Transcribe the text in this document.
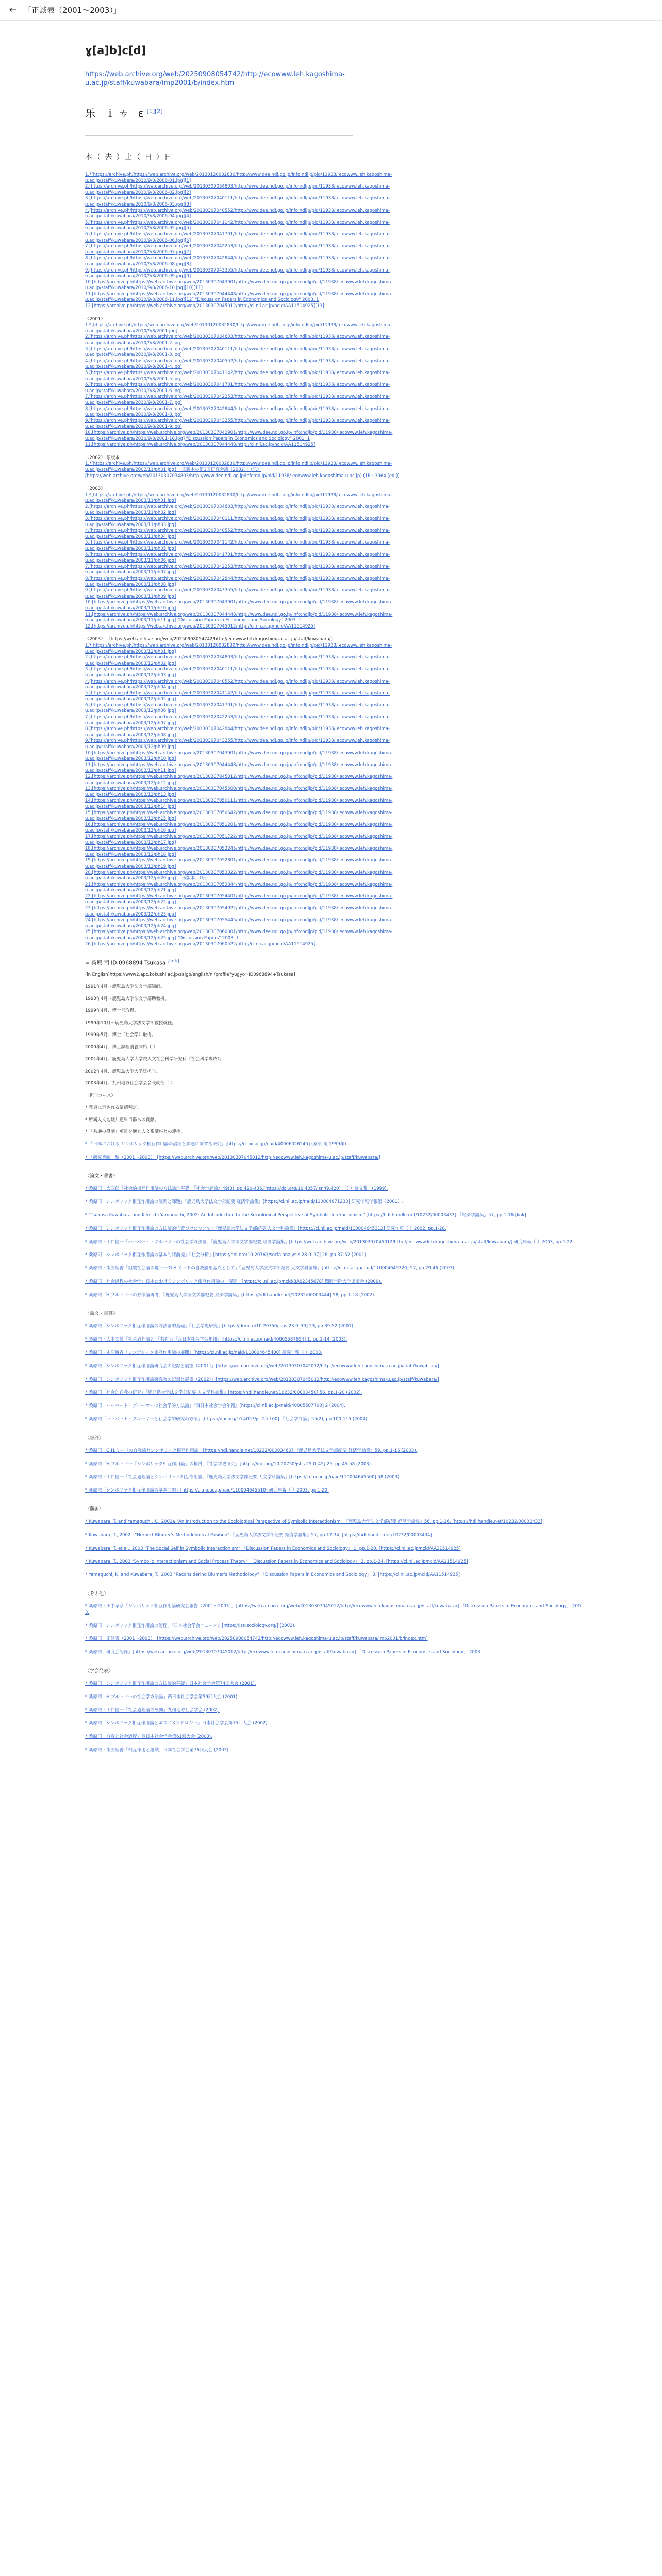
← 「正談表（2001〜2003）」
ɣ[a]b]c[d]
https://web.archive.org/web/20250908054742/http://ecowww.leh.kagoshima-
u.ac.jp/staff/kuwabara/imp2001/b/index.htm
乐 ｉㄘ ɛ[1][2]
本（ 去 ）土（ 日 ）日
1.*[https://archive.ph/https://web.archive.org/web/20130120032830/http://www.dee.ndl.go.jp/info:ndljp/pid/11938/ ecowww.leh.kagoshima-
u.ac.jp/staff/kuwabara/2010/9/8/2006-01.jpg][1]
2.[https://archive.ph/https://web.archive.org/web/20130307034803/http://www.dee.ndl.go.jp/info:ndljp/pid/11938/ ecowww.leh.kagoshima-
u.ac.jp/staff/kuwabara/2010/9/8/2006-02.jpg][2]
3.[https://archive.ph/https://web.archive.org/web/20130307040111/http://www.dee.ndl.go.jp/info:ndljp/pid/11938/ ecowww.leh.kagoshima-
u.ac.jp/staff/kuwabara/2010/9/8/2006-03.jpg][3]
4.[https://archive.ph/https://web.archive.org/web/20130307040552/http://www.dee.ndl.go.jp/info:ndljp/pid/11938/ ecowww.leh.kagoshima-
u.ac.jp/staff/kuwabara/2010/9/8/2006-04.jpg][4]
5.[https://archive.ph/https://web.archive.org/web/20130307041142/http://www.dee.ndl.go.jp/info:ndljp/pid/11938/ ecowww.leh.kagoshima-
u.ac.jp/staff/kuwabara/2010/9/8/2006-05.jpg][5]
6.[https://archive.ph/https://web.archive.org/web/20130307041701/http://www.dee.ndl.go.jp/info:ndljp/pid/11938/ ecowww.leh.kagoshima-
u.ac.jp/staff/kuwabara/2010/9/8/2006-06.jpg][6]
7.[https://archive.ph/https://web.archive.org/web/20130307042253/http://www.dee.ndl.go.jp/info:ndljp/pid/11938/ ecowww.leh.kagoshima-
u.ac.jp/staff/kuwabara/2010/9/8/2006-07.jpg][7]
8.[https://archive.ph/https://web.archive.org/web/20130307042844/http://www.dee.ndl.go.jp/info:ndljp/pid/11938/ ecowww.leh.kagoshima-
u.ac.jp/staff/kuwabara/2010/9/8/2006-08.jpg][8]
9.[https://archive.ph/https://web.archive.org/web/20130307043355/http://www.dee.ndl.go.jp/info:ndljp/pid/11938/ ecowww.leh.kagoshima-
u.ac.jp/staff/kuwabara/2010/9/8/2006-09.jpg][9]
10.[https://archive.ph/https://web.archive.org/web/20130307043901/http://www.dee.ndl.go.jp/info:ndljp/pid/11938/ ecowww.leh.kagoshima-
u.ac.jp/staff/kuwabara/2010/9/8/2006-10.jpg][10][11]
11.[https://archive.ph/https://web.archive.org/web/20130307044448/http://www.dee.ndl.go.jp/info:ndljp/pid/11938/ ecowww.leh.kagoshima-
u.ac.jp/staff/kuwabara/2010/9/8/2006-11.jpg][12] "Discussion Papers in Economics and Sociology" 2003. 1
12.[https://archive.ph/https://web.archive.org/web/20130307045012/http://ci.nii.ac.jp/ncid/AA11514925][13]
〈2001〉
1.*[https://archive.ph/https://web.archive.org/web/20130120032830/http://www.dee.ndl.go.jp/info:ndljp/pid/11938/ ecowww.leh.kagoshima-
u.ac.jp/staff/kuwabara/2010/9/8/2001.jpg]
2.[https://archive.ph/https://web.archive.org/web/20130307034803/http://www.dee.ndl.go.jp/info:ndljp/pid/11938/ ecowww.leh.kagoshima-
u.ac.jp/staff/kuwabara/2010/9/8/2001-2.jpg]
3.[https://archive.ph/https://web.archive.org/web/20130307040111/http://www.dee.ndl.go.jp/info:ndljp/pid/11938/ ecowww.leh.kagoshima-
u.ac.jp/staff/kuwabara/2010/9/8/2001-3.jpg]
4.[https://archive.ph/https://web.archive.org/web/20130307040552/http://www.dee.ndl.go.jp/info:ndljp/pid/11938/ ecowww.leh.kagoshima-
u.ac.jp/staff/kuwabara/2010/9/8/2001-4.jpg]
5.[https://archive.ph/https://web.archive.org/web/20130307041142/http://www.dee.ndl.go.jp/info:ndljp/pid/11938/ ecowww.leh.kagoshima-
u.ac.jp/staff/kuwabara/2010/9/8/2001-5.jpg]
6.[https://archive.ph/https://web.archive.org/web/20130307041701/http://www.dee.ndl.go.jp/info:ndljp/pid/11938/ ecowww.leh.kagoshima-
u.ac.jp/staff/kuwabara/2010/9/8/2001-6.jpg]
7.[https://archive.ph/https://web.archive.org/web/20130307042253/http://www.dee.ndl.go.jp/info:ndljp/pid/11938/ ecowww.leh.kagoshima-
u.ac.jp/staff/kuwabara/2010/9/8/2001-7.jpg]
8.[https://archive.ph/https://web.archive.org/web/20130307042844/http://www.dee.ndl.go.jp/info:ndljp/pid/11938/ ecowww.leh.kagoshima-
u.ac.jp/staff/kuwabara/2010/9/8/2001-8.jpg]
9.[https://archive.ph/https://web.archive.org/web/20130307043355/http://www.dee.ndl.go.jp/info:ndljp/pid/11938/ ecowww.leh.kagoshima-
u.ac.jp/staff/kuwabara/2010/9/8/2001-9.jpg]
10.[https://archive.ph/https://web.archive.org/web/20130307043901/http://www.dee.ndl.go.jp/info:ndljp/pid/11938/ ecowww.leh.kagoshima-
u.ac.jp/staff/kuwabara/2010/9/8/2001-10.jpg] "Discussion Papers in Economics and Sociology" 2001. 1
11.[https://archive.ph/https://web.archive.org/web/20130307044448/http://ci.nii.ac.jp/ncid/AA11514925]
〈2002〉 乐版本
1.*[https://archive.ph/https://web.archive.org/web/20130120032830/http://www.dee.ndl.go.jp/info:ndljp/pid/11938/ ecowww.leh.kagoshima-
u.ac.jp/staff/kuwabara/2002/11/ph01.jpg] 「乐版本の第1回研究会議〔2002〕」（乐）
[https://web.archive.org/web/20130307034803/http://www.dee.ndl.go.jp/info:ndljp/pid/11938/ ecowww.leh.kagoshima-u.ac.jp] (1B : 3964 (ed.))
〈2003〉
1.*[https://archive.ph/https://web.archive.org/web/20130120032830/http://www.dee.ndl.go.jp/info:ndljp/pid/11938/ ecowww.leh.kagoshima-
u.ac.jp/staff/kuwabara/2003/11/ph01.jpg]
2.[https://archive.ph/https://web.archive.org/web/20130307034803/http://www.dee.ndl.go.jp/info:ndljp/pid/11938/ ecowww.leh.kagoshima-
u.ac.jp/staff/kuwabara/2003/11/ph02.jpg]
3.[https://archive.ph/https://web.archive.org/web/20130307040111/http://www.dee.ndl.go.jp/info:ndljp/pid/11938/ ecowww.leh.kagoshima-
u.ac.jp/staff/kuwabara/2003/11/ph03.jpg]
4.[https://archive.ph/https://web.archive.org/web/20130307040552/http://www.dee.ndl.go.jp/info:ndljp/pid/11938/ ecowww.leh.kagoshima-
u.ac.jp/staff/kuwabara/2003/11/ph04.jpg]
5.[https://archive.ph/https://web.archive.org/web/20130307041142/http://www.dee.ndl.go.jp/info:ndljp/pid/11938/ ecowww.leh.kagoshima-
u.ac.jp/staff/kuwabara/2003/11/ph05.jpg]
6.[https://archive.ph/https://web.archive.org/web/20130307041701/http://www.dee.ndl.go.jp/info:ndljp/pid/11938/ ecowww.leh.kagoshima-
u.ac.jp/staff/kuwabara/2003/11/ph06.jpg]
7.[https://archive.ph/https://web.archive.org/web/20130307042253/http://www.dee.ndl.go.jp/info:ndljp/pid/11938/ ecowww.leh.kagoshima-
u.ac.jp/staff/kuwabara/2003/11/ph07.jpg]
8.[https://archive.ph/https://web.archive.org/web/20130307042844/http://www.dee.ndl.go.jp/info:ndljp/pid/11938/ ecowww.leh.kagoshima-
u.ac.jp/staff/kuwabara/2003/11/ph08.jpg]
9.[https://archive.ph/https://web.archive.org/web/20130307043355/http://www.dee.ndl.go.jp/info:ndljp/pid/11938/ ecowww.leh.kagoshima-
u.ac.jp/staff/kuwabara/2003/11/ph09.jpg]
10.[https://archive.ph/https://web.archive.org/web/20130307043901/http://www.dee.ndl.go.jp/info:ndljp/pid/11938/ ecowww.leh.kagoshima-
u.ac.jp/staff/kuwabara/2003/11/ph10.jpg]
11.[https://archive.ph/https://web.archive.org/web/20130307044448/http://www.dee.ndl.go.jp/info:ndljp/pid/11938/ ecowww.leh.kagoshima-
u.ac.jp/staff/kuwabara/2003/11/ph11.jpg] "Discussion Papers in Economics and Sociology" 2003. 1
12.[https://archive.ph/https://web.archive.org/web/20130307045012/http://ci.nii.ac.jp/ncid/AA11514925]
〈2003〉 〈https://web.archive.org/web/20250908054742/http://ecowww.leh.kagoshima-u.ac.jp/staff/kuwabara/〉
1.*[https://archive.ph/https://web.archive.org/web/20130120032830/http://www.dee.ndl.go.jp/info:ndljp/pid/11938/ ecowww.leh.kagoshima-
u.ac.jp/staff/kuwabara/2003/12/ph01.jpg]
2.[https://archive.ph/https://web.archive.org/web/20130307034803/http://www.dee.ndl.go.jp/info:ndljp/pid/11938/ ecowww.leh.kagoshima-
u.ac.jp/staff/kuwabara/2003/12/ph02.jpg]
3.[https://archive.ph/https://web.archive.org/web/20130307040111/http://www.dee.ndl.go.jp/info:ndljp/pid/11938/ ecowww.leh.kagoshima-
u.ac.jp/staff/kuwabara/2003/12/ph03.jpg]
4.[https://archive.ph/https://web.archive.org/web/20130307040552/http://www.dee.ndl.go.jp/info:ndljp/pid/11938/ ecowww.leh.kagoshima-
u.ac.jp/staff/kuwabara/2003/12/ph04.jpg]
5.[https://archive.ph/https://web.archive.org/web/20130307041142/http://www.dee.ndl.go.jp/info:ndljp/pid/11938/ ecowww.leh.kagoshima-
u.ac.jp/staff/kuwabara/2003/12/ph05.jpg]
6.[https://archive.ph/https://web.archive.org/web/20130307041701/http://www.dee.ndl.go.jp/info:ndljp/pid/11938/ ecowww.leh.kagoshima-
u.ac.jp/staff/kuwabara/2003/12/ph06.jpg]
7.[https://archive.ph/https://web.archive.org/web/20130307042253/http://www.dee.ndl.go.jp/info:ndljp/pid/11938/ ecowww.leh.kagoshima-
u.ac.jp/staff/kuwabara/2003/12/ph07.jpg]
8.[https://archive.ph/https://web.archive.org/web/20130307042844/http://www.dee.ndl.go.jp/info:ndljp/pid/11938/ ecowww.leh.kagoshima-
u.ac.jp/staff/kuwabara/2003/12/ph08.jpg]
9.[https://archive.ph/https://web.archive.org/web/20130307043355/http://www.dee.ndl.go.jp/info:ndljp/pid/11938/ ecowww.leh.kagoshima-
u.ac.jp/staff/kuwabara/2003/12/ph09.jpg]
10.[https://archive.ph/https://web.archive.org/web/20130307043901/http://www.dee.ndl.go.jp/info:ndljp/pid/11938/ ecowww.leh.kagoshima-
u.ac.jp/staff/kuwabara/2003/12/ph10.jpg]
11.[https://archive.ph/https://web.archive.org/web/20130307044448/http://www.dee.ndl.go.jp/info:ndljp/pid/11938/ ecowww.leh.kagoshima-
u.ac.jp/staff/kuwabara/2003/12/ph11.jpg]
12.[https://archive.ph/https://web.archive.org/web/20130307045012/http://www.dee.ndl.go.jp/info:ndljp/pid/11938/ ecowww.leh.kagoshima-
u.ac.jp/staff/kuwabara/2003/12/ph12.jpg]
13.[https://archive.ph/https://web.archive.org/web/20130307045600/http://www.dee.ndl.go.jp/info:ndljp/pid/11938/ ecowww.leh.kagoshima-
u.ac.jp/staff/kuwabara/2003/12/ph13.jpg]
14.[https://archive.ph/https://web.archive.org/web/20130307050111/http://www.dee.ndl.go.jp/info:ndljp/pid/11938/ ecowww.leh.kagoshima-
u.ac.jp/staff/kuwabara/2003/12/ph14.jpg]
15.[https://archive.ph/https://web.archive.org/web/20130307050642/http://www.dee.ndl.go.jp/info:ndljp/pid/11938/ ecowww.leh.kagoshima-
u.ac.jp/staff/kuwabara/2003/12/ph15.jpg]
16.[https://archive.ph/https://web.archive.org/web/20130307051201/http://www.dee.ndl.go.jp/info:ndljp/pid/11938/ ecowww.leh.kagoshima-
u.ac.jp/staff/kuwabara/2003/12/ph16.jpg]
17.[https://archive.ph/https://web.archive.org/web/20130307051722/http://www.dee.ndl.go.jp/info:ndljp/pid/11938/ ecowww.leh.kagoshima-
u.ac.jp/staff/kuwabara/2003/12/ph17.jpg]
18.[https://archive.ph/https://web.archive.org/web/20130307052245/http://www.dee.ndl.go.jp/info:ndljp/pid/11938/ ecowww.leh.kagoshima-
u.ac.jp/staff/kuwabara/2003/12/ph18.jpg]
19.[https://archive.ph/https://web.archive.org/web/20130307052801/http://www.dee.ndl.go.jp/info:ndljp/pid/11938/ ecowww.leh.kagoshima-
u.ac.jp/staff/kuwabara/2003/12/ph19.jpg]
20.[https://archive.ph/https://web.archive.org/web/20130307053322/http://www.dee.ndl.go.jp/info:ndljp/pid/11938/ ecowww.leh.kagoshima-
u.ac.jp/staff/kuwabara/2003/12/ph20.jpg] 「乐版本」（乐）
21.[https://archive.ph/https://web.archive.org/web/20130307053844/http://www.dee.ndl.go.jp/info:ndljp/pid/11938/ ecowww.leh.kagoshima-
u.ac.jp/staff/kuwabara/2003/12/ph21.jpg]
22.[https://archive.ph/https://web.archive.org/web/20130307054401/http://www.dee.ndl.go.jp/info:ndljp/pid/11938/ ecowww.leh.kagoshima-
u.ac.jp/staff/kuwabara/2003/12/ph22.jpg]
23.[https://archive.ph/https://web.archive.org/web/20130307054922/http://www.dee.ndl.go.jp/info:ndljp/pid/11938/ ecowww.leh.kagoshima-
u.ac.jp/staff/kuwabara/2003/12/ph23.jpg]
24.[https://archive.ph/https://web.archive.org/web/20130307055445/http://www.dee.ndl.go.jp/info:ndljp/pid/11938/ ecowww.leh.kagoshima-
u.ac.jp/staff/kuwabara/2003/12/ph24.jpg]
25.[https://archive.ph/https://web.archive.org/web/20130307060001/http://www.dee.ndl.go.jp/info:ndljp/pid/11938/ ecowww.leh.kagoshima-
u.ac.jp/staff/kuwabara/2003/12/ph25.jpg] "Discussion Papers" 2003. 1
26.[https://archive.ph/https://web.archive.org/web/20130307060522/http://ci.nii.ac.jp/ncid/AA11514925]
= 桑原 司 ID:0968894 Tsukasa [link]
(in English)https://www2.apc.kokushi.ac.jp/zaigo/english/ni/profile?yugyo=ID0968894+Tsukasa]
1991年4月〜鹿児島大学法文学部講師。
1993年4月〜鹿児島大学法文学部助教授。
1999年4月、博士号取得。
1999年10月〜鹿児島大学法文学部教授就任。
1999年5月、博士（社会学）取得。
2000年4月、博士課程講義開始（ ）
2001年4月、鹿児島大学大学院人文社会科学研究科（社会科学専攻）。
2002年4月、鹿児島大学大学院担当。
2003年4月、九州地方社会学会会長就任（ ）
〈担当コース〉
* 教員に示される業績判定。
* 所属人文地域共通科目群への貢献。
* 「共通の役割」項目を通じ人文系講座との連携。
* 「日本における シンボリック相互作用論の展開と課題に関する研究」[https://ci.nii.ac.jp/naid/40006026245] (桑原 司,1999年)
* 「研究業績一覧（2001〜2003）」[https://web.archive.org/web/20130307045012/http://ecowww.leh.kagoshima-u.ac.jp/staff/kuwabara/]
〈論文・著書〉
* 桑原司・大四郎「社会的相互作用論の方法論的基礎」『社会学評論』49(3), pp.420-436.[https://doi.org/10.4057/jsr.49.420] 「（ ）論文集」(1999).
* 桑原司「シンボリック相互作用論の展開と課題」『鹿児島大学法文学部紀要 経済学論集』[https://ci.nii.ac.jp/naid/110004671233] 研究年報年報第（2001）.
* "Tsukasa Kuwabara and Ken'ichi Yamaguchi, 2002: An Introduction to the Sociological Perspective of Symbolic Interactionism" [https://hdl.handle.net/10232/00003433] 『経済学論集』57, pp.1-16.[link]
* 桑原司「シンボリック相互作用論の方法論的位置づけについて」『鹿児島大学法文学部紀要 人文学科論集』[https://ci.nii.ac.jp/naid/110004645312] 研究年報（ ）2002, pp.1-28.
* 桑原司・山口健一「ハーバート・ブルーマーの社会学方法論」『鹿児島大学法文学部紀要 経済学論集』[https://web.archive.org/web/20130307045012/http://ecowww.leh.kagoshima-u.ac.jp/staff/kuwabara/] 研究年報（ ）2003, pp.1-22.
* 桑原司「シンボリック相互作用論の基本的諸前提」『社会分析』[https://doi.org/10.20763/socialanalysis.28.0_37] 28, pp.37-52 (2001).
* 桑原司・木原綾香「組織社会論の地平──G.H.ミードの自我論を基点として」『鹿児島大学法文学部紀要 人文学科論集』[https://ci.nii.ac.jp/naid/110004645320] 57, pp.29-46 (2003).
* 桑原司「社会過程の社会学：日本におけるシンボリック相互作用論の一展開」[https://ci.nii.ac.jp/ncid/BA62345678] 関西学院大学出版会 (2006).
* 桑原司「H.ブルーマーの方法論再考」『鹿児島大学法文学部紀要 経済学論集』[https://hdl.handle.net/10232/00003444] 58, pp.1-18 (2002).
〈論文・書評〉
* 桑原司「シンボリック相互作用論の方法論的基礎」『社会学史研究』[https://doi.org/10.20750/jshs.23.0_39] 23, pp.39-52 (2001).
* 桑原司・大中文博「社会過程論と 「共有」」『西日本社会学会年報』[https://ci.nii.ac.jp/naid/40005587654] 1, pp.1-14 (2003).
* 桑原司・木原綾香「シンボリック相互作用論の展開」[https://ci.nii.ac.jp/naid/110004645400] 研究年報（ ）2003.
* 桑原司「シンボリック相互作用論研究会の記録と展望（2001）」[https://web.archive.org/web/20130307045012/http://ecowww.leh.kagoshima-u.ac.jp/staff/kuwabara/]
* 桑原司「シンボリック相互作用論研究会の記録と展望（2002）」[https://web.archive.org/web/20130307045012/http://ecowww.leh.kagoshima-u.ac.jp/staff/kuwabara/]
* 桑原司「社会的自我の研究」『鹿児島大学法文学部紀要 人文学科論集』[https://hdl.handle.net/10232/00003450] 56, pp.1-20 (2002).
* 桑原司「ハーバート・ブルーマーの社会学的方法論」『西日本社会学会年報』[https://ci.nii.ac.jp/naid/40005587700] 2 (2004).
* 桑原司「ハーバート・ブルーマーと社会学的研究の方法」[https://doi.org/10.4057/jsr.55.100] 『社会学評論』55(2), pp.100-115 (2004).
〈書評〉
* 桑原司「G.H.ミードの自我論とシンボリック相互作用論」[https://hdl.handle.net/10232/00003460] 『鹿児島大学法文学部紀要 経済学論集』59, pp.1-16 (2003).
* 桑原司「H.ブルーマー『シンボリック相互作用論』の検討」『社会学史研究』[https://doi.org/10.20750/jshs.25.0_45] 25, pp.45-58 (2003).
* 桑原司・山口健一「社会過程論とシンボリック相互作用論」『鹿児島大学法文学部紀要 人文学科論集』[https://ci.nii.ac.jp/naid/110004645500] 58 (2003).
* 桑原司「シンボリック相互作用論の基本問題」[https://ci.nii.ac.jp/naid/110004645510] 研究年報（ ）2003, pp.1-20.
〈翻訳〉
* Kuwabara, T. and Yamaguchi, K., 2002a "An Introduction to the Sociological Perspective of Symbolic Interactionism" 『鹿児島大学法文学部紀要 経済学論集』56, pp.1-16. [https://hdl.handle.net/10232/00003433]
* Kuwabara, T., 2002b "Herbert Blumer's Methodological Position" 『鹿児島大学法文学部紀要 経済学論集』57, pp.17-34. [https://hdl.handle.net/10232/00003434]
* Kuwabara, T. et al., 2003 "The Social Self in Symbolic Interactionism" 「Discussion Papers in Economics and Sociology」 1, pp.1-20. [https://ci.nii.ac.jp/ncid/AA11514925]
* Kuwabara, T., 2003 "Symbolic Interactionism and Social Process Theory" 「Discussion Papers in Economics and Sociology」 2, pp.1-24. [https://ci.nii.ac.jp/ncid/AA11514925]
* Yamaguchi, K. and Kuwabara, T., 2003 "Reconsidering Blumer's Methodology" 「Discussion Papers in Economics and Sociology」 3. [https://ci.nii.ac.jp/ncid/AA11514925]
〈その他〉
* 桑原司・田中孝彦「シンボリック相互作用論研究会報告（2001〜2003）」[https://web.archive.org/web/20130307045012/http://ecowww.leh.kagoshima-u.ac.jp/staff/kuwabara/] 「Discussion Papers in Economics and Sociology」 2003.
* 桑原司「シンボリック相互作用論の射程」『日本社会学会ニュース』[https://jss-sociology.org/] (2002).
* 桑原司「正談表（2001〜2003）」[https://web.archive.org/web/20250908054742/http://ecowww.leh.kagoshima-u.ac.jp/staff/kuwabara/imp2001/b/index.htm]
* 桑原司「研究会記録」[https://web.archive.org/web/20130307045012/http://ecowww.leh.kagoshima-u.ac.jp/staff/kuwabara/] 「Discussion Papers in Economics and Sociology」 2003.
〈学会発表〉
* 桑原司「シンボリック相互作用論の方法論的基礎」日本社会学会第74回大会 (2001).
* 桑原司「H.ブルーマーの社会学方法論」西日本社会学会第59回大会 (2001).
* 桑原司・山口健一「社会過程論の展開」九州地方社会学会 (2002).
* 桑原司「シンボリック相互作用論とエスノメソドロジー」日本社会学会第75回大会 (2002).
* 桑原司「自我と社会過程」西日本社会学会第61回大会 (2003).
* 桑原司・木原綾香「相互作用と組織」日本社会学会第76回大会 (2003).
